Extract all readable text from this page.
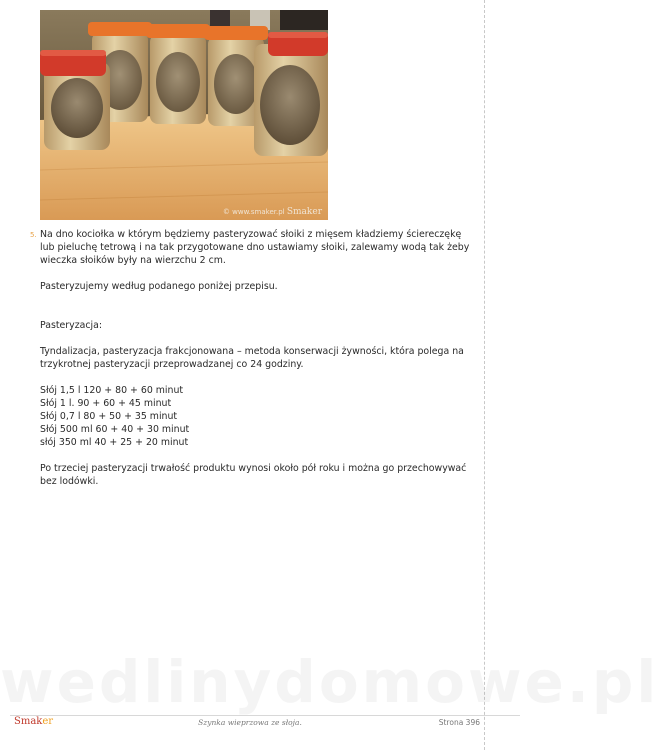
© www.smaker.pl Smaker
5. Na dno kociołka w którym będziemy pasteryzować słoiki z mięsem kładziemy ściereczękę lub pieluchę tetrową i na tak przygotowane dno ustawiamy słoiki, zalewamy wodą tak żeby wieczka słoików były na wierzchu 2 cm.

Pasteryzujemy według podanego poniżej przepisu.

Pasteryzacja:

Tyndalizacja, pasteryzacja frakcjonowana – metoda konserwacji żywności, która polega na trzykrotnej pasteryzacji przeprowadzanej co 24 godziny.

Słój 1,5 l 120 + 80 + 60 minut

Słój 1 l. 90 + 60 + 45 minut

Słój 0,7 l 80 + 50 + 35 minut

Słój 500 ml 60 + 40 + 30 minut

słój 350 ml 40 + 25 + 20 minut

Po trzeciej pasteryzacji trwałość produktu wynosi około pół roku i można go przechowywać bez lodówki.

wedlinydomowe.pl
Smaker	Szynka wieprzowa ze słoja.	Strona 396
